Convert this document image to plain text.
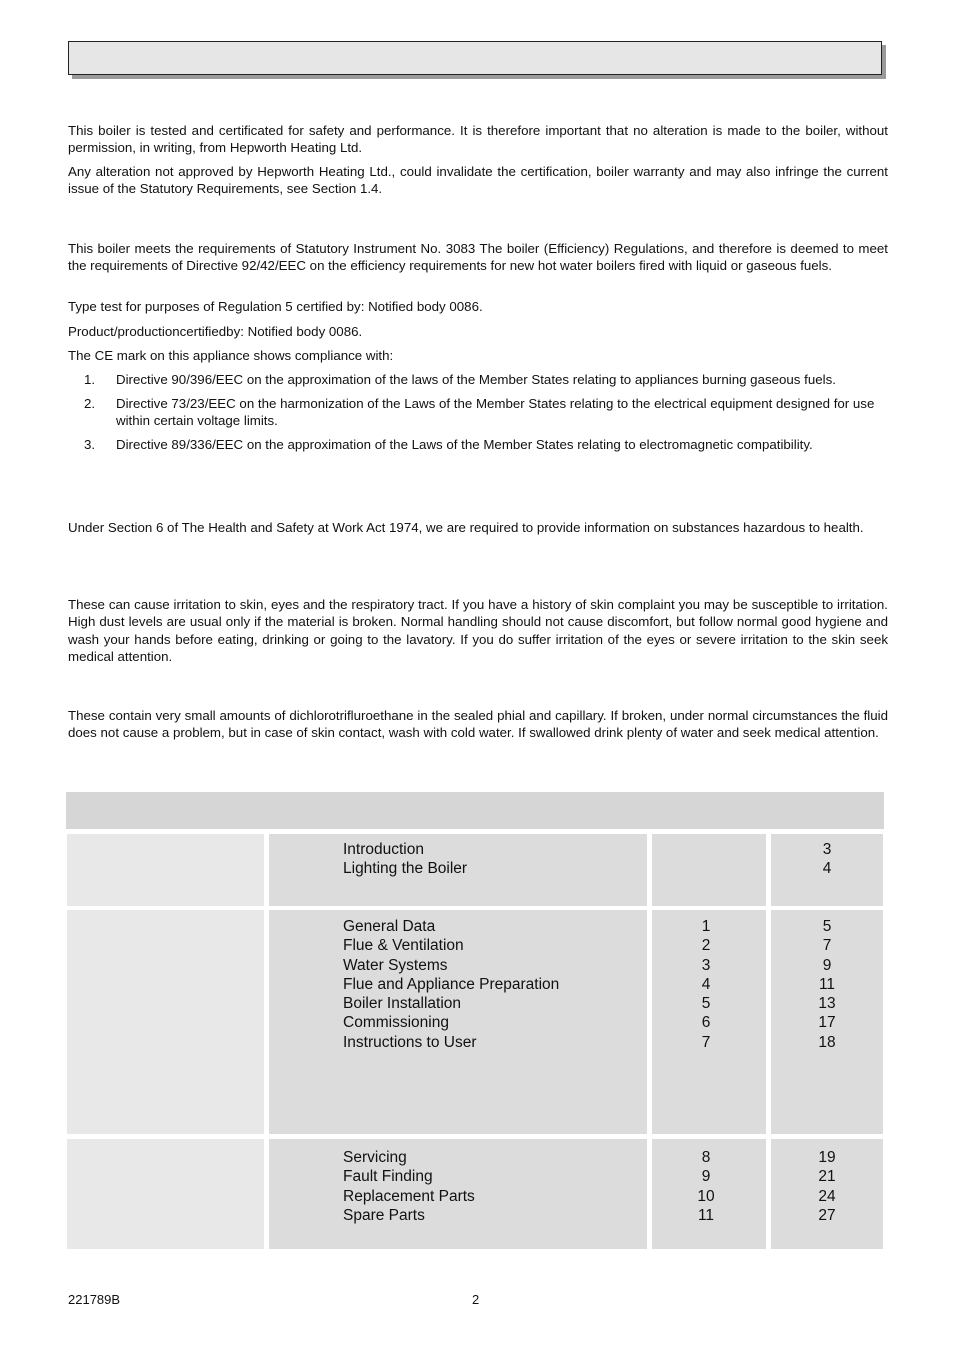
This boiler is tested and certificated for safety and performance. It is therefore important that no alteration is made to the boiler, without permission, in writing, from Hepworth Heating Ltd.

Any alteration not approved by Hepworth Heating Ltd., could invalidate the certification, boiler warranty and may also infringe the current issue of the Statutory Requirements, see Section 1.4.

This boiler meets the requirements of Statutory Instrument No. 3083 The boiler (Efficiency) Regulations, and therefore is deemed to meet the requirements of Directive 92/42/EEC on the efficiency requirements for new hot water boilers fired with liquid or gaseous fuels.

Type test for purposes of Regulation 5 certified by: Notified body 0086.

Product/productioncertifiedby: Notified body 0086.

The CE mark on this appliance shows compliance with:

1. Directive 90/396/EEC on the approximation of the laws of the Member States relating to appliances burning gaseous fuels.

2. Directive 73/23/EEC on the harmonization of the Laws of the Member States relating to the electrical equipment designed for use within certain voltage limits.

3. Directive 89/336/EEC on the approximation of the Laws of the Member States relating to electromagnetic compatibility.

Under Section 6 of The Health and Safety at Work Act 1974, we are required to provide information on substances hazardous to health.

These can cause irritation to skin, eyes and the respiratory tract. If you have a history of skin complaint you may be susceptible to irritation. High dust levels are usual only if the material is broken. Normal handling should not cause discomfort, but follow normal good hygiene and wash your hands before eating, drinking or going to the lavatory. If you do suffer irritation of the eyes or severe irritation to the skin seek medical attention.

These contain very small amounts of dichlorotrifluroethane in the sealed phial and capillary. If broken, under normal circumstances the fluid does not cause a problem, but in case of skin contact, wash with cold water. If swallowed drink plenty of water and seek medical attention.

Introduction
Lighting the Boiler
3
4
General Data
Flue & Ventilation
Water Systems
Flue and Appliance Preparation
Boiler Installation
Commissioning
Instructions to User
1
2
3
4
5
6
7
5
7
9
11
13
17
18
Servicing
Fault Finding
Replacement Parts
Spare Parts
8
9
10
11
19
21
24
27
221789B	2
